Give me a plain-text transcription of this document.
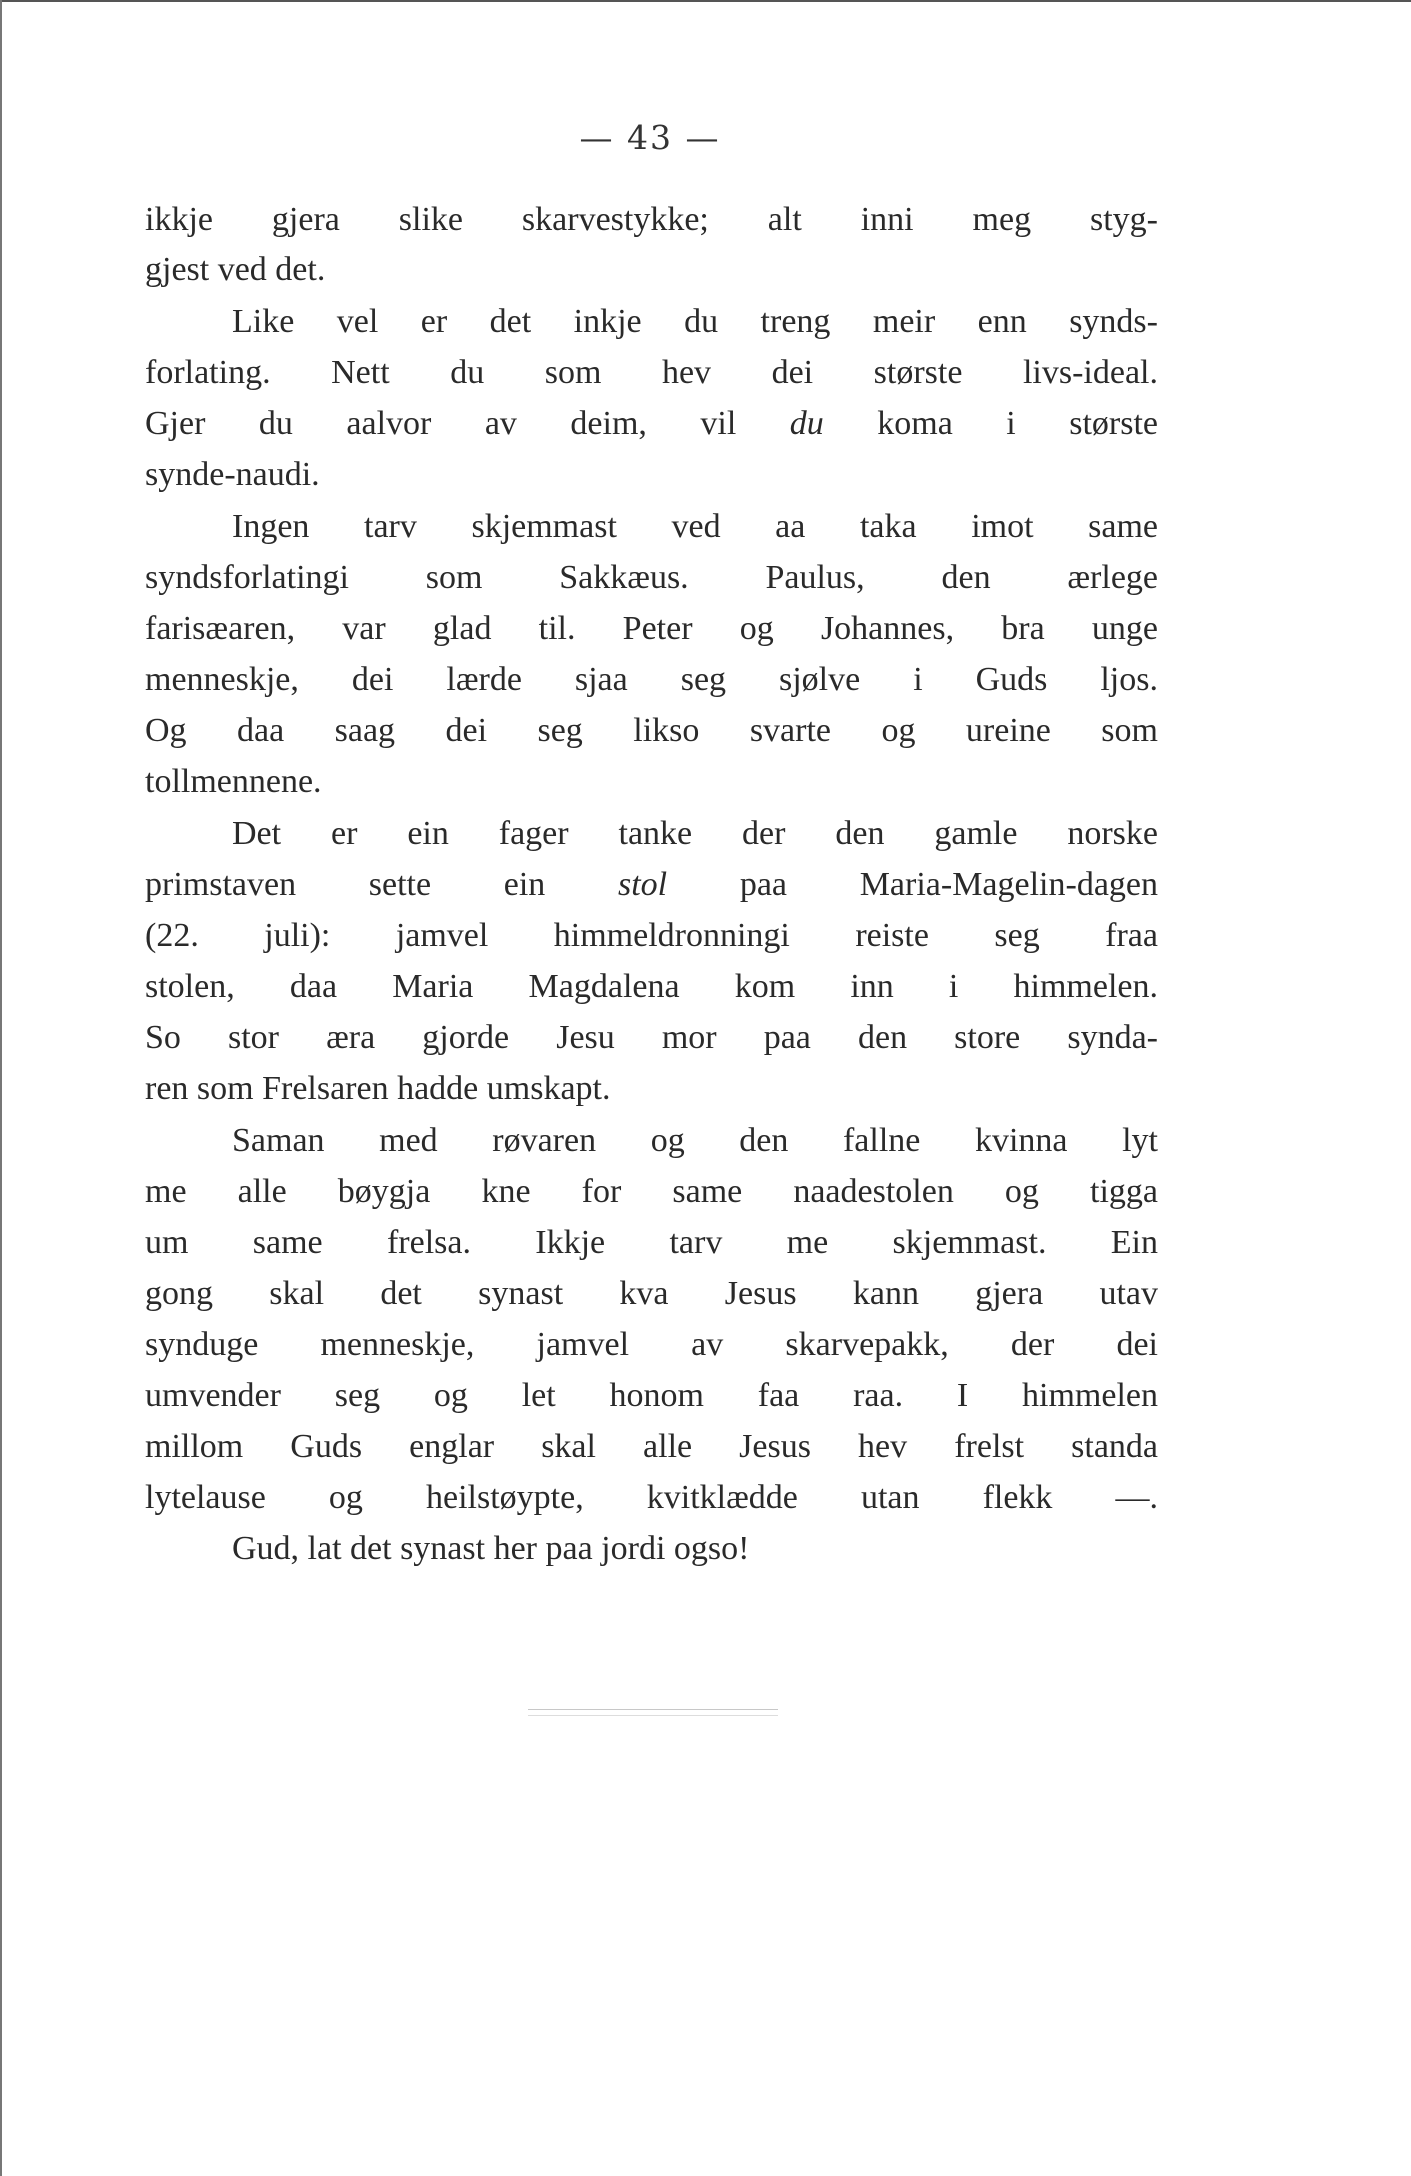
— 43 —
ikkje gjera slike skarvestykke; alt inni meg styg-
gjest ved det.
Like vel er det inkje du treng meir enn synds-
forlating. Nett du som hev dei største livs-ideal.
Gjer du aalvor av deim, vil du koma i største
synde-naudi.
Ingen tarv skjemmast ved aa taka imot same
syndsforlatingi som Sakkæus. Paulus, den ærlege
farisæaren, var glad til. Peter og Johannes, bra unge
menneskje, dei lærde sjaa seg sjølve i Guds ljos.
Og daa saag dei seg likso svarte og ureine som
tollmennene.
Det er ein fager tanke der den gamle norske
primstaven sette ein stol paa Maria-Magelin-dagen
(22. juli): jamvel himmeldronningi reiste seg fraa
stolen, daa Maria Magdalena kom inn i himmelen.
So stor æra gjorde Jesu mor paa den store synda-
ren som Frelsaren hadde umskapt.
Saman med røvaren og den fallne kvinna lyt
me alle bøygja kne for same naadestolen og tigga
um same frelsa. Ikkje tarv me skjemmast. Ein
gong skal det synast kva Jesus kann gjera utav
synduge menneskje, jamvel av skarvepakk, der dei
umvender seg og let honom faa raa. I himmelen
millom Guds englar skal alle Jesus hev frelst standa
lytelause og heilstøypte, kvitklædde utan flekk —.
Gud, lat det synast her paa jordi ogso!
